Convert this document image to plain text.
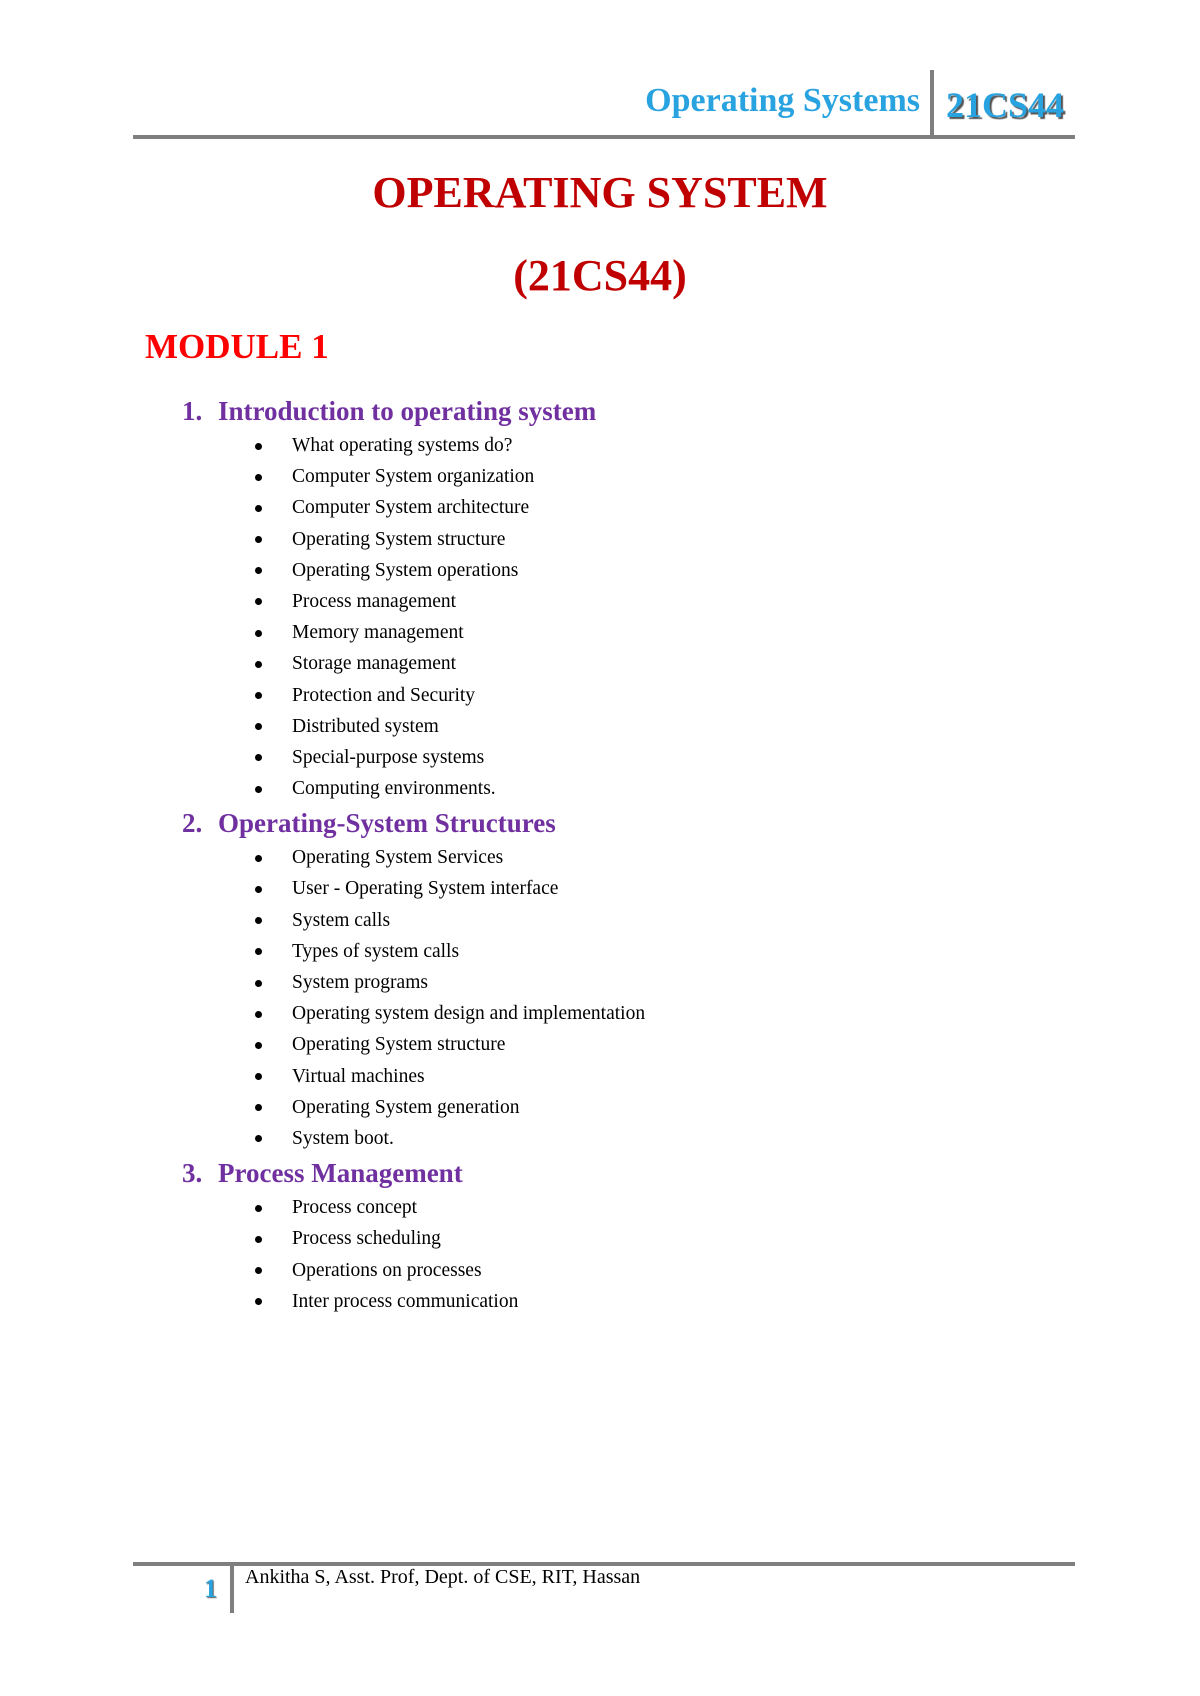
Operating Systems 21CS44
OPERATING SYSTEM
(21CS44)
MODULE 1
1. Introduction to operating system
What operating systems do?
Computer System organization
Computer System architecture
Operating System structure
Operating System operations
Process management
Memory management
Storage management
Protection and Security
Distributed system
Special-purpose systems
Computing environments.
2. Operating-System Structures
Operating System Services
User - Operating System interface
System calls
Types of system calls
System programs
Operating system design and implementation
Operating System structure
Virtual machines
Operating System generation
System boot.
3. Process Management
Process concept
Process scheduling
Operations on processes
Inter process communication
1 Ankitha S, Asst. Prof, Dept. of CSE, RIT, Hassan
